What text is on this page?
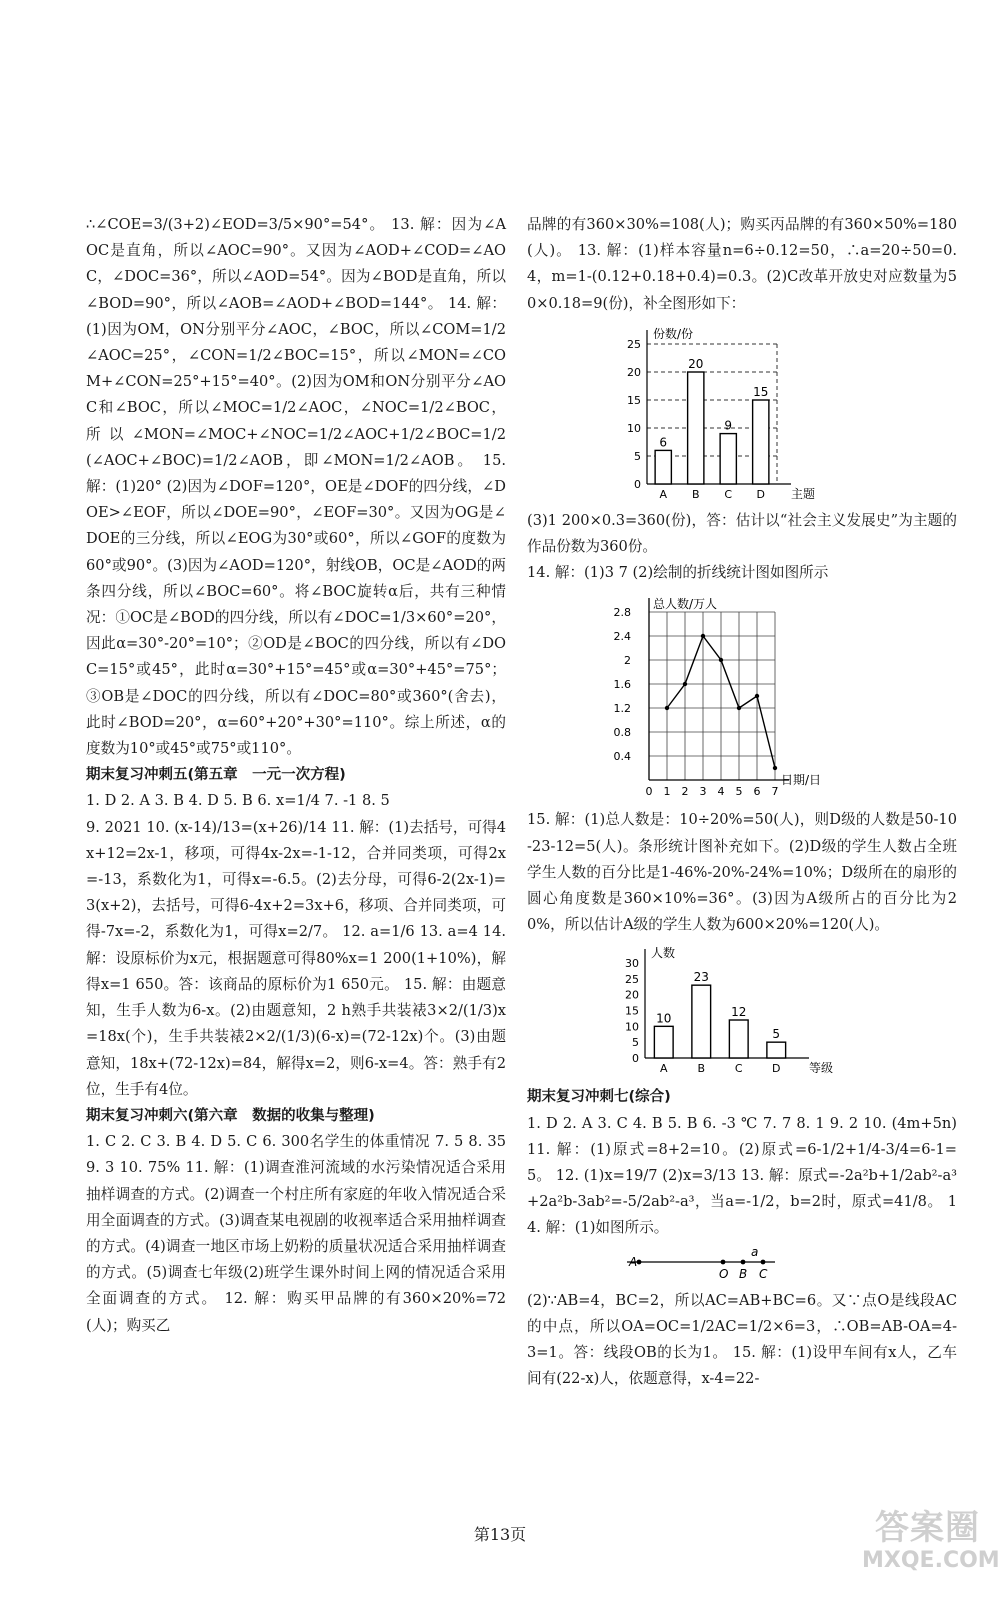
∴∠COE=3/(3+2)∠EOD=3/5×90°=54°。 13. 解：因为∠AOC是直角，所以∠AOC=90°。又因为∠AOD+∠COD=∠AOC，∠DOC=36°，所以∠AOD=54°。因为∠BOD是直角，所以∠BOD=90°，所以∠AOB=∠AOD+∠BOD=144°。 14. 解：(1)因为OM，ON分别平分∠AOC，∠BOC，所以∠COM=1/2∠AOC=25°，∠CON=1/2∠BOC=15°，所以∠MON=∠COM+∠CON=25°+15°=40°。(2)因为OM和ON分别平分∠AOC和∠BOC，所以∠MOC=1/2∠AOC，∠NOC=1/2∠BOC，所以∠MON=∠MOC+∠NOC=1/2∠AOC+1/2∠BOC=1/2(∠AOC+∠BOC)=1/2∠AOB，即∠MON=1/2∠AOB。 15. 解：(1)20° (2)因为∠DOF=120°，OE是∠DOF的四分线，∠DOE>∠EOF，所以∠DOE=90°，∠EOF=30°。又因为OG是∠DOE的三分线，所以∠EOG为30°或60°，所以∠GOF的度数为60°或90°。(3)因为∠AOD=120°，射线OB，OC是∠AOD的两条四分线，所以∠BOC=60°。将∠BOC旋转α后，共有三种情况：①OC是∠BOD的四分线，所以有∠DOC=1/3×60°=20°，因此α=30°-20°=10°；②OD是∠BOC的四分线，所以有∠DOC=15°或45°，此时α=30°+15°=45°或α=30°+45°=75°；③OB是∠DOC的四分线，所以有∠DOC=80°或360°(舍去)，此时∠BOD=20°，α=60°+20°+30°=110°。综上所述，α的度数为10°或45°或75°或110°。

期末复习冲刺五(第五章　一元一次方程)

1. D 2. A 3. B 4. D 5. B 6. x=1/4 7. -1 8. 5

9. 2021 10. (x-14)/13=(x+26)/14 11. 解：(1)去括号，可得4x+12=2x-1，移项，可得4x-2x=-1-12，合并同类项，可得2x=-13，系数化为1，可得x=-6.5。(2)去分母，可得6-2(2x-1)=3(x+2)，去括号，可得6-4x+2=3x+6，移项、合并同类项，可得-7x=-2，系数化为1，可得x=2/7。 12. a=1/6 13. a=4 14. 解：设原标价为x元，根据题意可得80%x=1 200(1+10%)，解得x=1 650。答：该商品的原标价为1 650元。 15. 解：由题意知，生手人数为6-x。(2)由题意知，2 h熟手共装裱3×2/(1/3)x=18x(个)，生手共装裱2×2/(1/3)(6-x)=(72-12x)个。(3)由题意知，18x+(72-12x)=84，解得x=2，则6-x=4。答：熟手有2位，生手有4位。

期末复习冲刺六(第六章　数据的收集与整理)

1. C 2. C 3. B 4. D 5. C 6. 300名学生的体重情况 7. 5 8. 35 9. 3 10. 75% 11. 解：(1)调查淮河流域的水污染情况适合采用抽样调查的方式。(2)调查一个村庄所有家庭的年收入情况适合采用全面调查的方式。(3)调查某电视剧的收视率适合采用抽样调查的方式。(4)调查一地区市场上奶粉的质量状况适合采用抽样调查的方式。(5)调查七年级(2)班学生课外时间上网的情况适合采用全面调查的方式。 12. 解：购买甲品牌的有360×20%=72(人)；购买乙

品牌的有360×30%=108(人)；购买丙品牌的有360×50%=180(人)。 13. 解：(1)样本容量n=6÷0.12=50，∴a=20÷50=0.4，m=1-(0.12+0.18+0.4)=0.3。(2)C改革开放史对应数量为50×0.18=9(份)，补全图形如下：

25
20
15
10
5
0
份数/份
主题
6
A
20
B
9
C
15
D

(3)1 200×0.3=360(份)，答：估计以“社会主义发展史”为主题的作品份数为360份。

14. 解：(1)3 7 (2)绘制的折线统计图如图所示

总人数/万人
日期/日
2.8
2.4
2
1.6
1.2
0.8
0.4
0 1 2 3 4 5 6 7

15. 解：(1)总人数是：10÷20%=50(人)，则D级的人数是50-10-23-12=5(人)。条形统计图补充如下。(2)D级的学生人数占全班学生人数的百分比是1-46%-20%-24%=10%；D级所在的扇形的圆心角度数是360×10%=36°。(3)因为A级所占的百分比为20%，所以估计A级的学生人数为600×20%=120(人)。

30
25
20
15
10
5
0
人数
等级
10
A
23
B
12
C
5
D

期末复习冲刺七(综合)

1. D 2. A 3. C 4. B 5. B 6. -3 ℃ 7. 7 8. 1 9. 2 10. (4m+5n) 11. 解：(1)原式=8+2=10。(2)原式=6-1/2+1/4-3/4=6-1=5。 12. (1)x=19/7 (2)x=3/13 13. 解：原式=-2a²b+1/2ab²-a³+2a²b-3ab²=-5/2ab²-a³，当a=-1/2，b=2时，原式=41/8。 14. 解：(1)如图所示。

A
O B
a
C

(2)∵AB=4，BC=2，所以AC=AB+BC=6。又∵点O是线段AC的中点，所以OA=OC=1/2AC=1/2×6=3，∴OB=AB-OA=4-3=1。答：线段OB的长为1。 15. 解：(1)设甲车间有x人，乙车间有(22-x)人，依题意得，x-4=22-

第13页	答案圈
MXQE.COM
